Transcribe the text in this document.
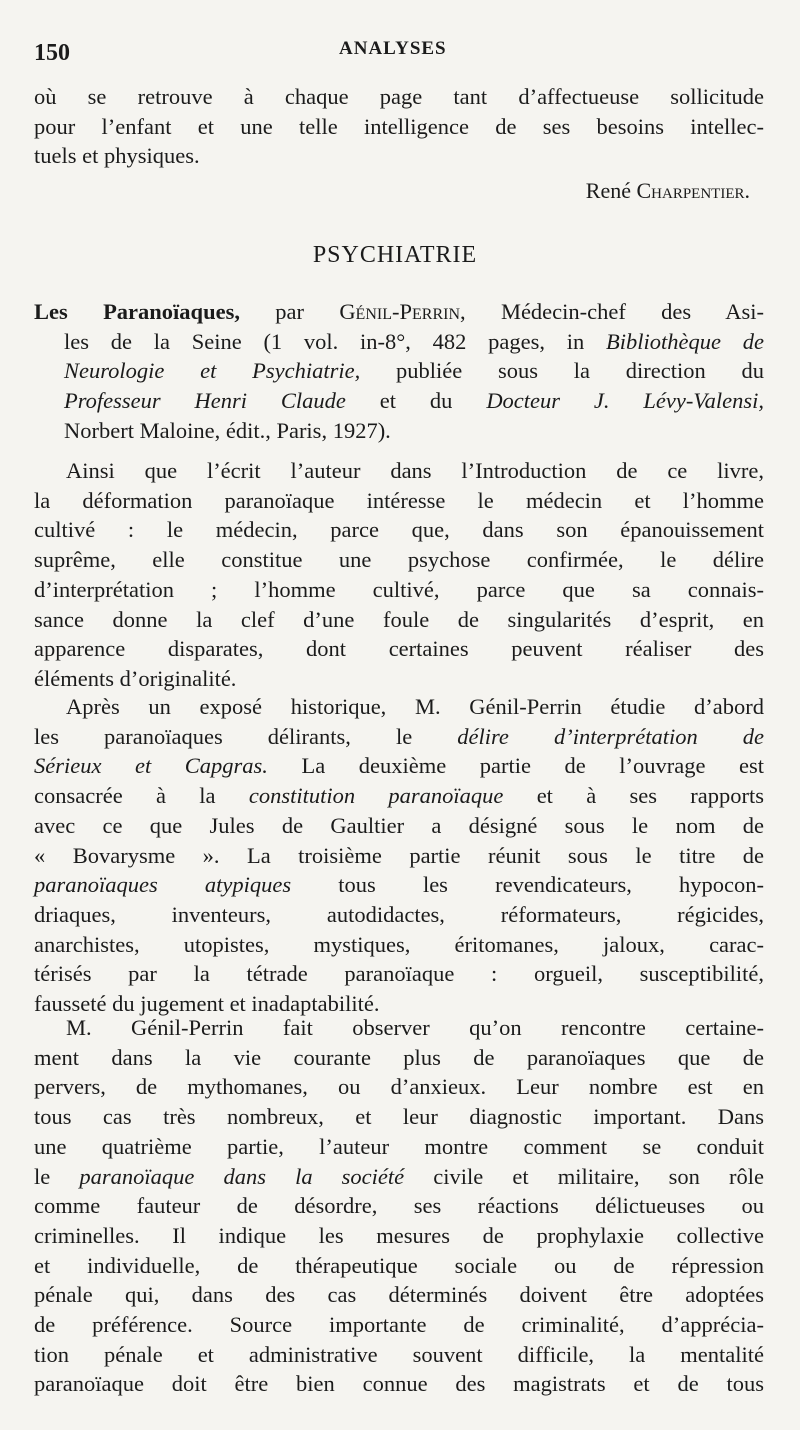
150	ANALYSES
où se retrouve à chaque page tant d’affectueuse sollicitude
pour l’enfant et une telle intelligence de ses besoins intellec-
tuels et physiques.
René Charpentier.
PSYCHIATRIE
Les Paranoïaques, par Génil-Perrin, Médecin-chef des Asi-
les de la Seine (1 vol. in-8°, 482 pages, in Bibliothèque de
Neurologie et Psychiatrie, publiée sous la direction du
Professeur Henri Claude et du Docteur J. Lévy-Valensi,
Norbert Maloine, édit., Paris, 1927).
Ainsi que l’écrit l’auteur dans l’Introduction de ce livre,
la déformation paranoïaque intéresse le médecin et l’homme
cultivé : le médecin, parce que, dans son épanouissement
suprême, elle constitue une psychose confirmée, le délire
d’interprétation ; l’homme cultivé, parce que sa connais-
sance donne la clef d’une foule de singularités d’esprit, en
apparence disparates, dont certaines peuvent réaliser des
éléments d’originalité.
Après un exposé historique, M. Génil-Perrin étudie d’abord
les paranoïaques délirants, le délire d’interprétation de
Sérieux et Capgras. La deuxième partie de l’ouvrage est
consacrée à la constitution paranoïaque et à ses rapports
avec ce que Jules de Gaultier a désigné sous le nom de
« Bovarysme ». La troisième partie réunit sous le titre de
paranoïaques atypiques tous les revendicateurs, hypocon-
driaques, inventeurs, autodidactes, réformateurs, régicides,
anarchistes, utopistes, mystiques, éritomanes, jaloux, carac-
térisés par la tétrade paranoïaque : orgueil, susceptibilité,
fausseté du jugement et inadaptabilité.
M. Génil-Perrin fait observer qu’on rencontre certaine-
ment dans la vie courante plus de paranoïaques que de
pervers, de mythomanes, ou d’anxieux. Leur nombre est en
tous cas très nombreux, et leur diagnostic important. Dans
une quatrième partie, l’auteur montre comment se conduit
le paranoïaque dans la société civile et militaire, son rôle
comme fauteur de désordre, ses réactions délictueuses ou
criminelles. Il indique les mesures de prophylaxie collective
et individuelle, de thérapeutique sociale ou de répression
pénale qui, dans des cas déterminés doivent être adoptées
de préférence. Source importante de criminalité, d’apprécia-
tion pénale et administrative souvent difficile, la mentalité
paranoïaque doit être bien connue des magistrats et de tous
